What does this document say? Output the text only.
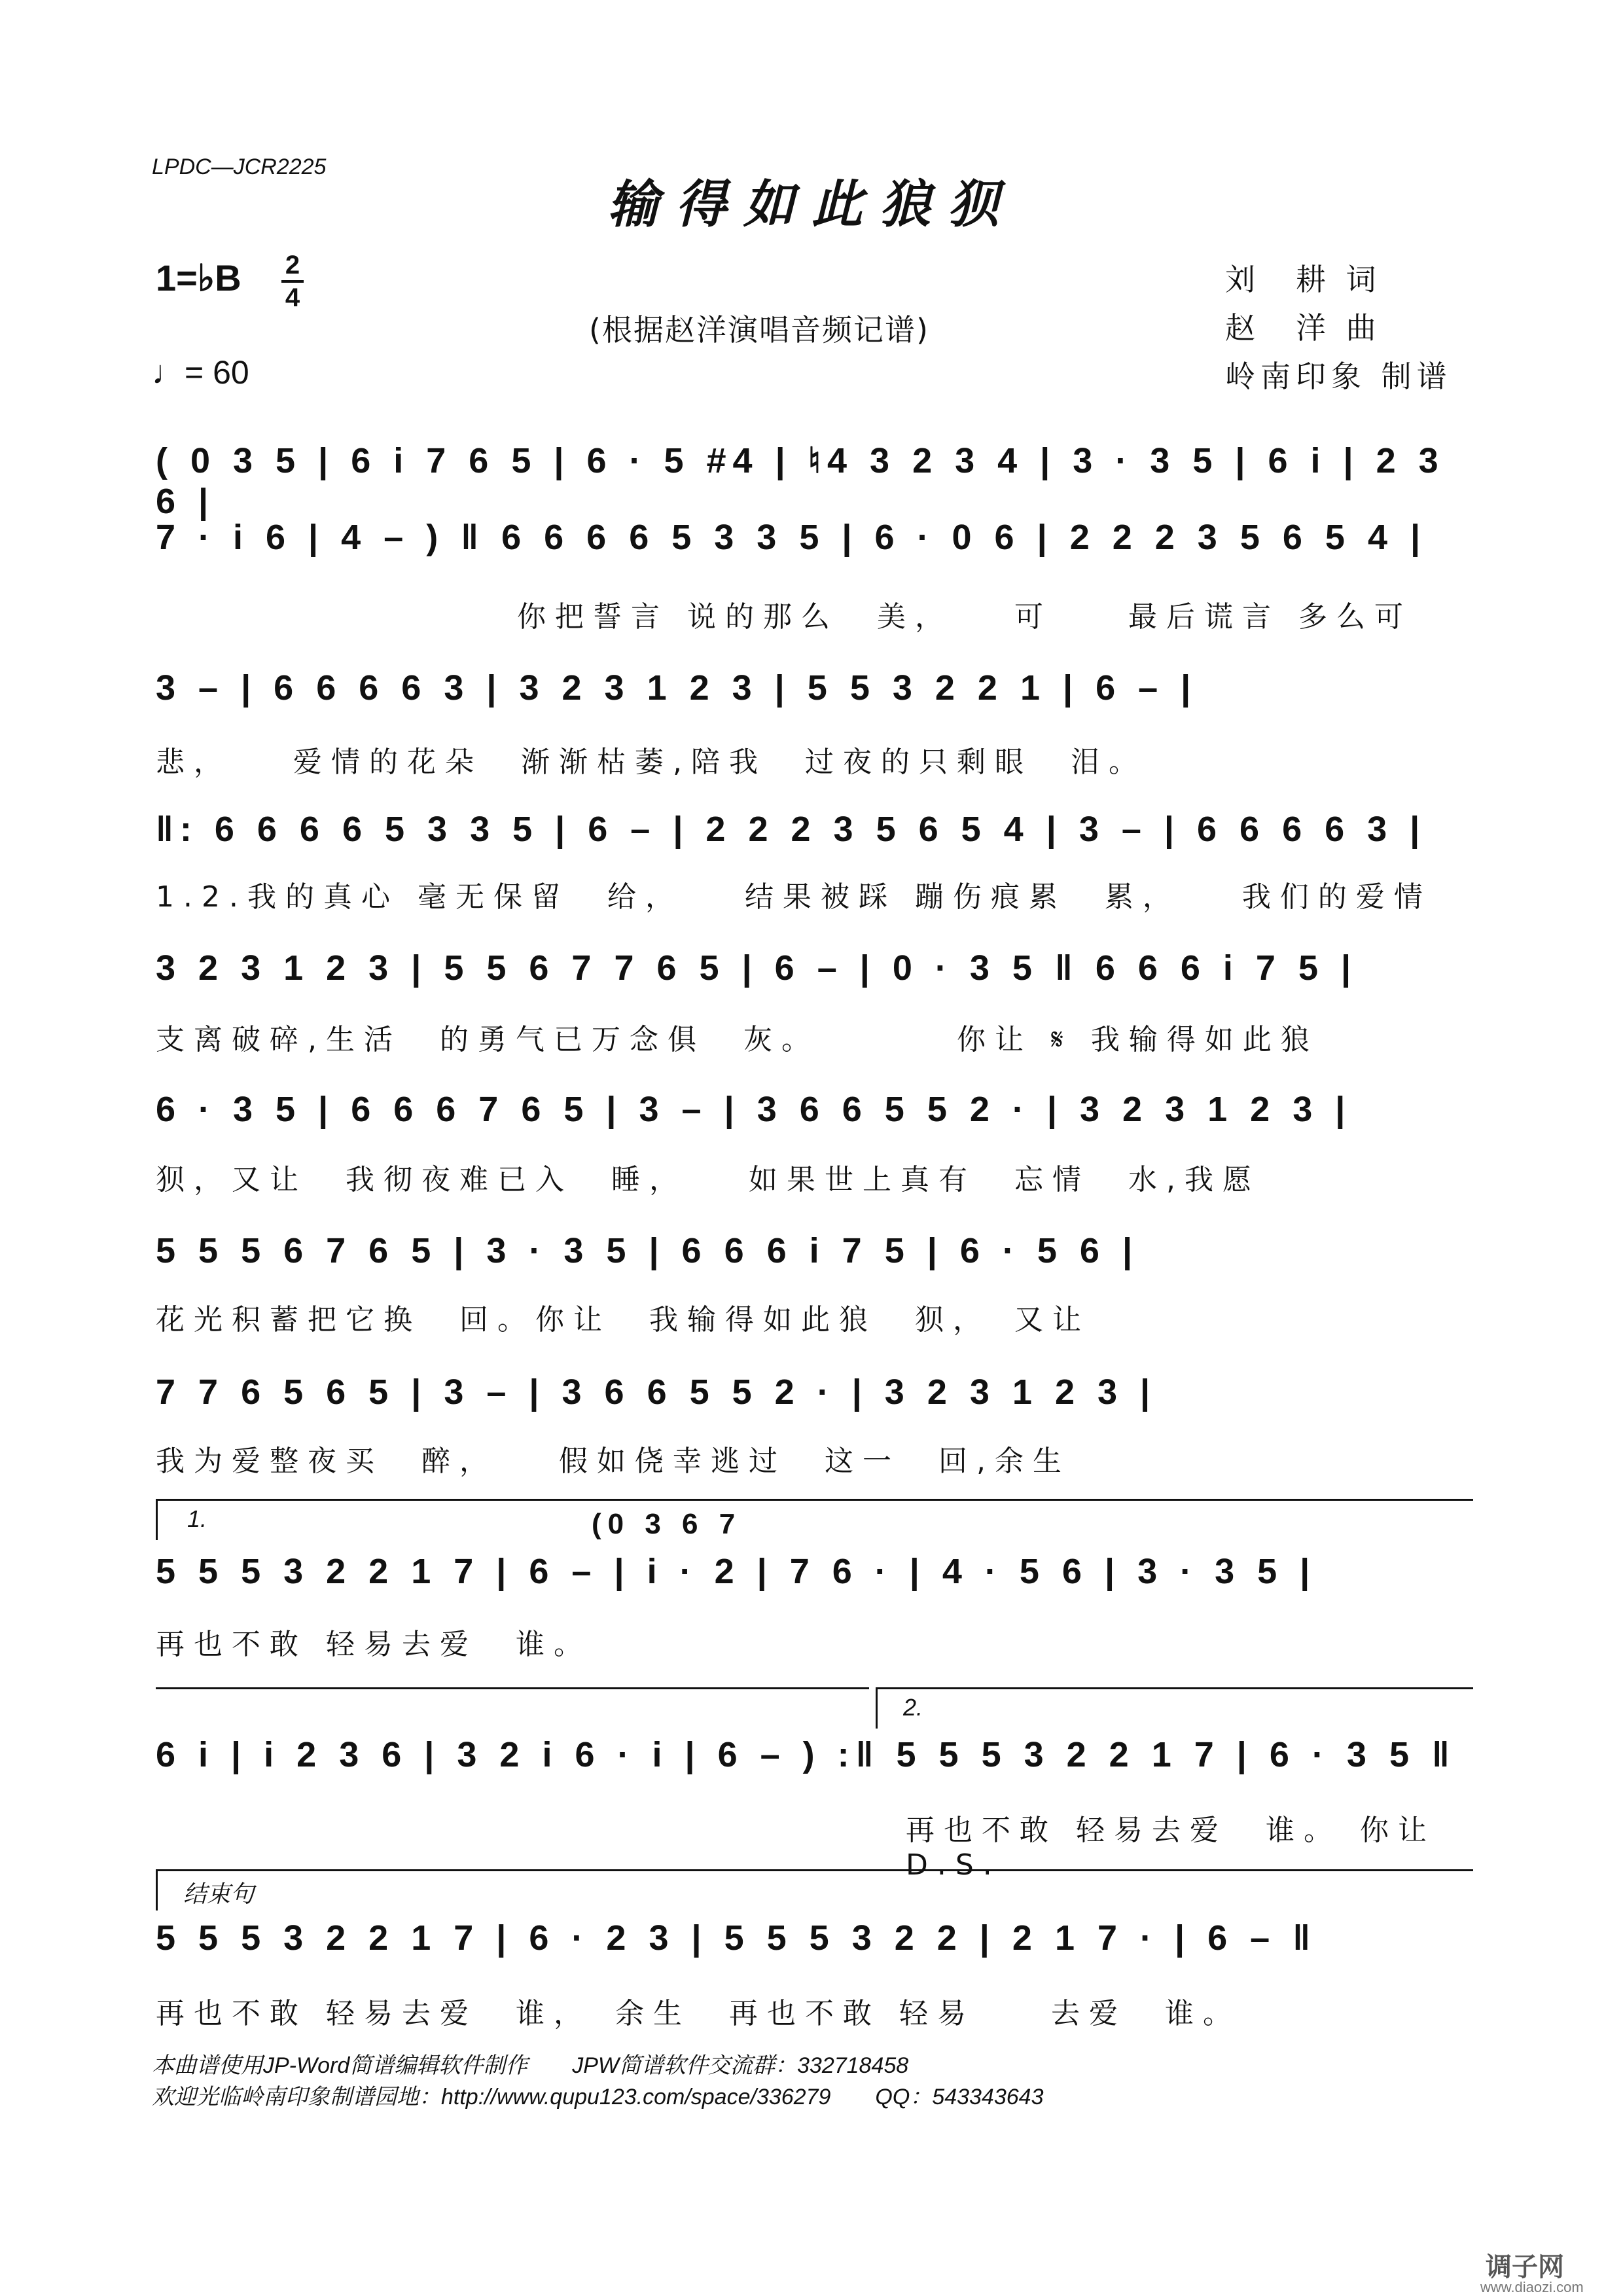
LPDC—JCR2225
输得如此狼狈
1=♭B 2
4
♩= 60
(根据赵洋演唱音频记谱)
刘　耕 词
赵　洋 曲
岭南印象 制谱
( 0 3 5 | 6 i 7 6 5 | 6 · 5 #4 | ♮4 3 2 3 4 | 3 · 3 5 | 6 i | 2 3 6 |
7 · i 6 | 4 – ) ‖ 6 6 6 6 5 3 3 5 | 6 · 0 6 | 2 2 2 3 5 6 5 4 |
你把誓言 说的那么　美，　　可　　最后谎言 多么可
3 – | 6 6 6 6 3 | 3 2 3 1 2 3 | 5 5 3 2 2 1 | 6 – |
悲，　　爱情的花朵　渐渐枯萎,陪我　过夜的只剩眼　泪。
‖: 6 6 6 6 5 3 3 5 | 6 – | 2 2 2 3 5 6 5 4 | 3 – | 6 6 6 6 3 |
1.2.我的真心 毫无保留　给，　　结果被踩 蹦伤痕累　累，　　我们的爱情
3 2 3 1 2 3 | 5 5 6 7 7 6 5 | 6 – | 0 · 3 5 ‖ 6 6 6 i 7 5 |
支离破碎,生活　的勇气已万念俱　灰。　　　　你让 𝄋 我输得如此狼
6 · 3 5 | 6 6 6 7 6 5 | 3 – | 3 6 6 5 5 2 · | 3 2 3 1 2 3 |
狈，又让　我彻夜难已入　睡，　　如果世上真有　忘情　水,我愿
5 5 5 6 7 6 5 | 3 · 3 5 | 6 6 6 i 7 5 | 6 · 5 6 |
花光积蓄把它换　回。你让　我输得如此狼　狈，　又让
7 7 6 5 6 5 | 3 – | 3 6 6 5 5 2 · | 3 2 3 1 2 3 |
我为爱整夜买　醉，　　假如侥幸逃过　这一　回,余生
1.	(0 3 6 7
5 5 5 3 2 2 1 7 | 6 – | i · 2 | 7 6 · | 4 · 5 6 | 3 · 3 5 |
再也不敢 轻易去爱　谁。
2.
6 i | i 2 3 6 | 3 2 i 6 · i | 6 – ) :‖ 5 5 5 3 2 2 1 7 | 6 · 3 5 ‖
再也不敢 轻易去爱　谁。 你让 D.S.
结束句
5 5 5 3 2 2 1 7 | 6 · 2 3 | 5 5 5 3 2 2 | 2 1 7 · | 6 – ‖
再也不敢 轻易去爱　谁，　余生　再也不敢 轻易　　去爱　谁。
本曲谱使用JP-Word简谱编辑软件制作　　JPW简谱软件交流群：332718458
欢迎光临岭南印象制谱园地：http://www.qupu123.com/space/336279　　QQ：543343643
调子网
www.diaozi.com
